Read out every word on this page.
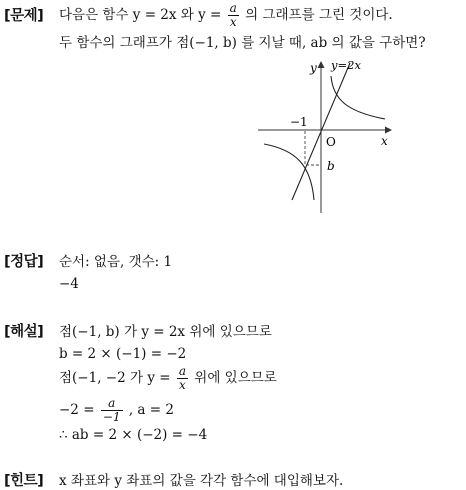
[문제] 다음은 함수 y = 2x 와 $y = \frac{a}{x}$ 의 그래프를 그린 것이다.
두 함수의 그래프가 점(−1, b) 를 지날 때, ab 의 값을 구하면?
y y=2x
−1
O	x
b
[정답] 순서: 없음, 갯수: 1
−4
[해설] 점(−1, b) 가 y = 2x 위에 있으므로
b = 2 × (−1) = −2
점(−1, −2 가 $y = \frac{a}{x}$ 위에 있으므로
$-2 = \frac{a}{-1}$ , a = 2
∴ ab = 2 × (−2) = −4
[힌트] x 좌표와 y 좌표의 값을 각각 함수에 대입해보자.
